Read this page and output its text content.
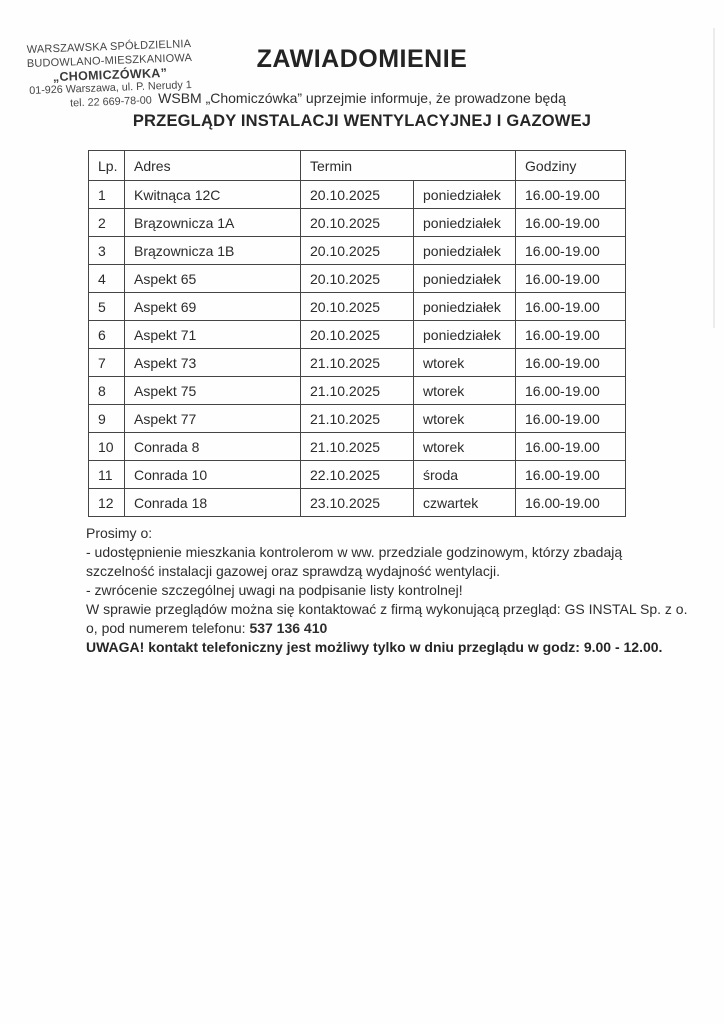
WARSZAWSKA SPÓŁDZIELNIA
BUDOWLANO-MIESZKANIOWA
„CHOMICZÓWKA”
01-926 Warszawa, ul. P. Nerudy 1
tel. 22 669-78-00
ZAWIADOMIENIE
WSBM „Chomiczówka” uprzejmie informuje, że prowadzone będą
PRZEGLĄDY INSTALACJI WENTYLACYJNEJ I GAZOWEJ
Lp.	Adres	Termin		Godziny
1	Kwitnąca 12C	20.10.2025	poniedziałek	16.00-19.00
2	Brązownicza 1A	20.10.2025	poniedziałek	16.00-19.00
3	Brązownicza 1B	20.10.2025	poniedziałek	16.00-19.00
4	Aspekt 65	20.10.2025	poniedziałek	16.00-19.00
5	Aspekt 69	20.10.2025	poniedziałek	16.00-19.00
6	Aspekt 71	20.10.2025	poniedziałek	16.00-19.00
7	Aspekt 73	21.10.2025	wtorek	16.00-19.00
8	Aspekt 75	21.10.2025	wtorek	16.00-19.00
9	Aspekt 77	21.10.2025	wtorek	16.00-19.00
10	Conrada 8	21.10.2025	wtorek	16.00-19.00
11	Conrada 10	22.10.2025	środa	16.00-19.00
12	Conrada 18	23.10.2025	czwartek	16.00-19.00
Prosimy o:
- udostępnienie mieszkania kontrolerom w ww. przedziale godzinowym, którzy zbadają szczelność instalacji gazowej oraz sprawdzą wydajność wentylacji.
- zwrócenie szczególnej uwagi na podpisanie listy kontrolnej!
W sprawie przeglądów można się kontaktować z firmą wykonującą przegląd: GS INSTAL Sp. z o. o, pod numerem telefonu: 537 136 410
UWAGA! kontakt telefoniczny jest możliwy tylko w dniu przeglądu w godz: 9.00 - 12.00.
